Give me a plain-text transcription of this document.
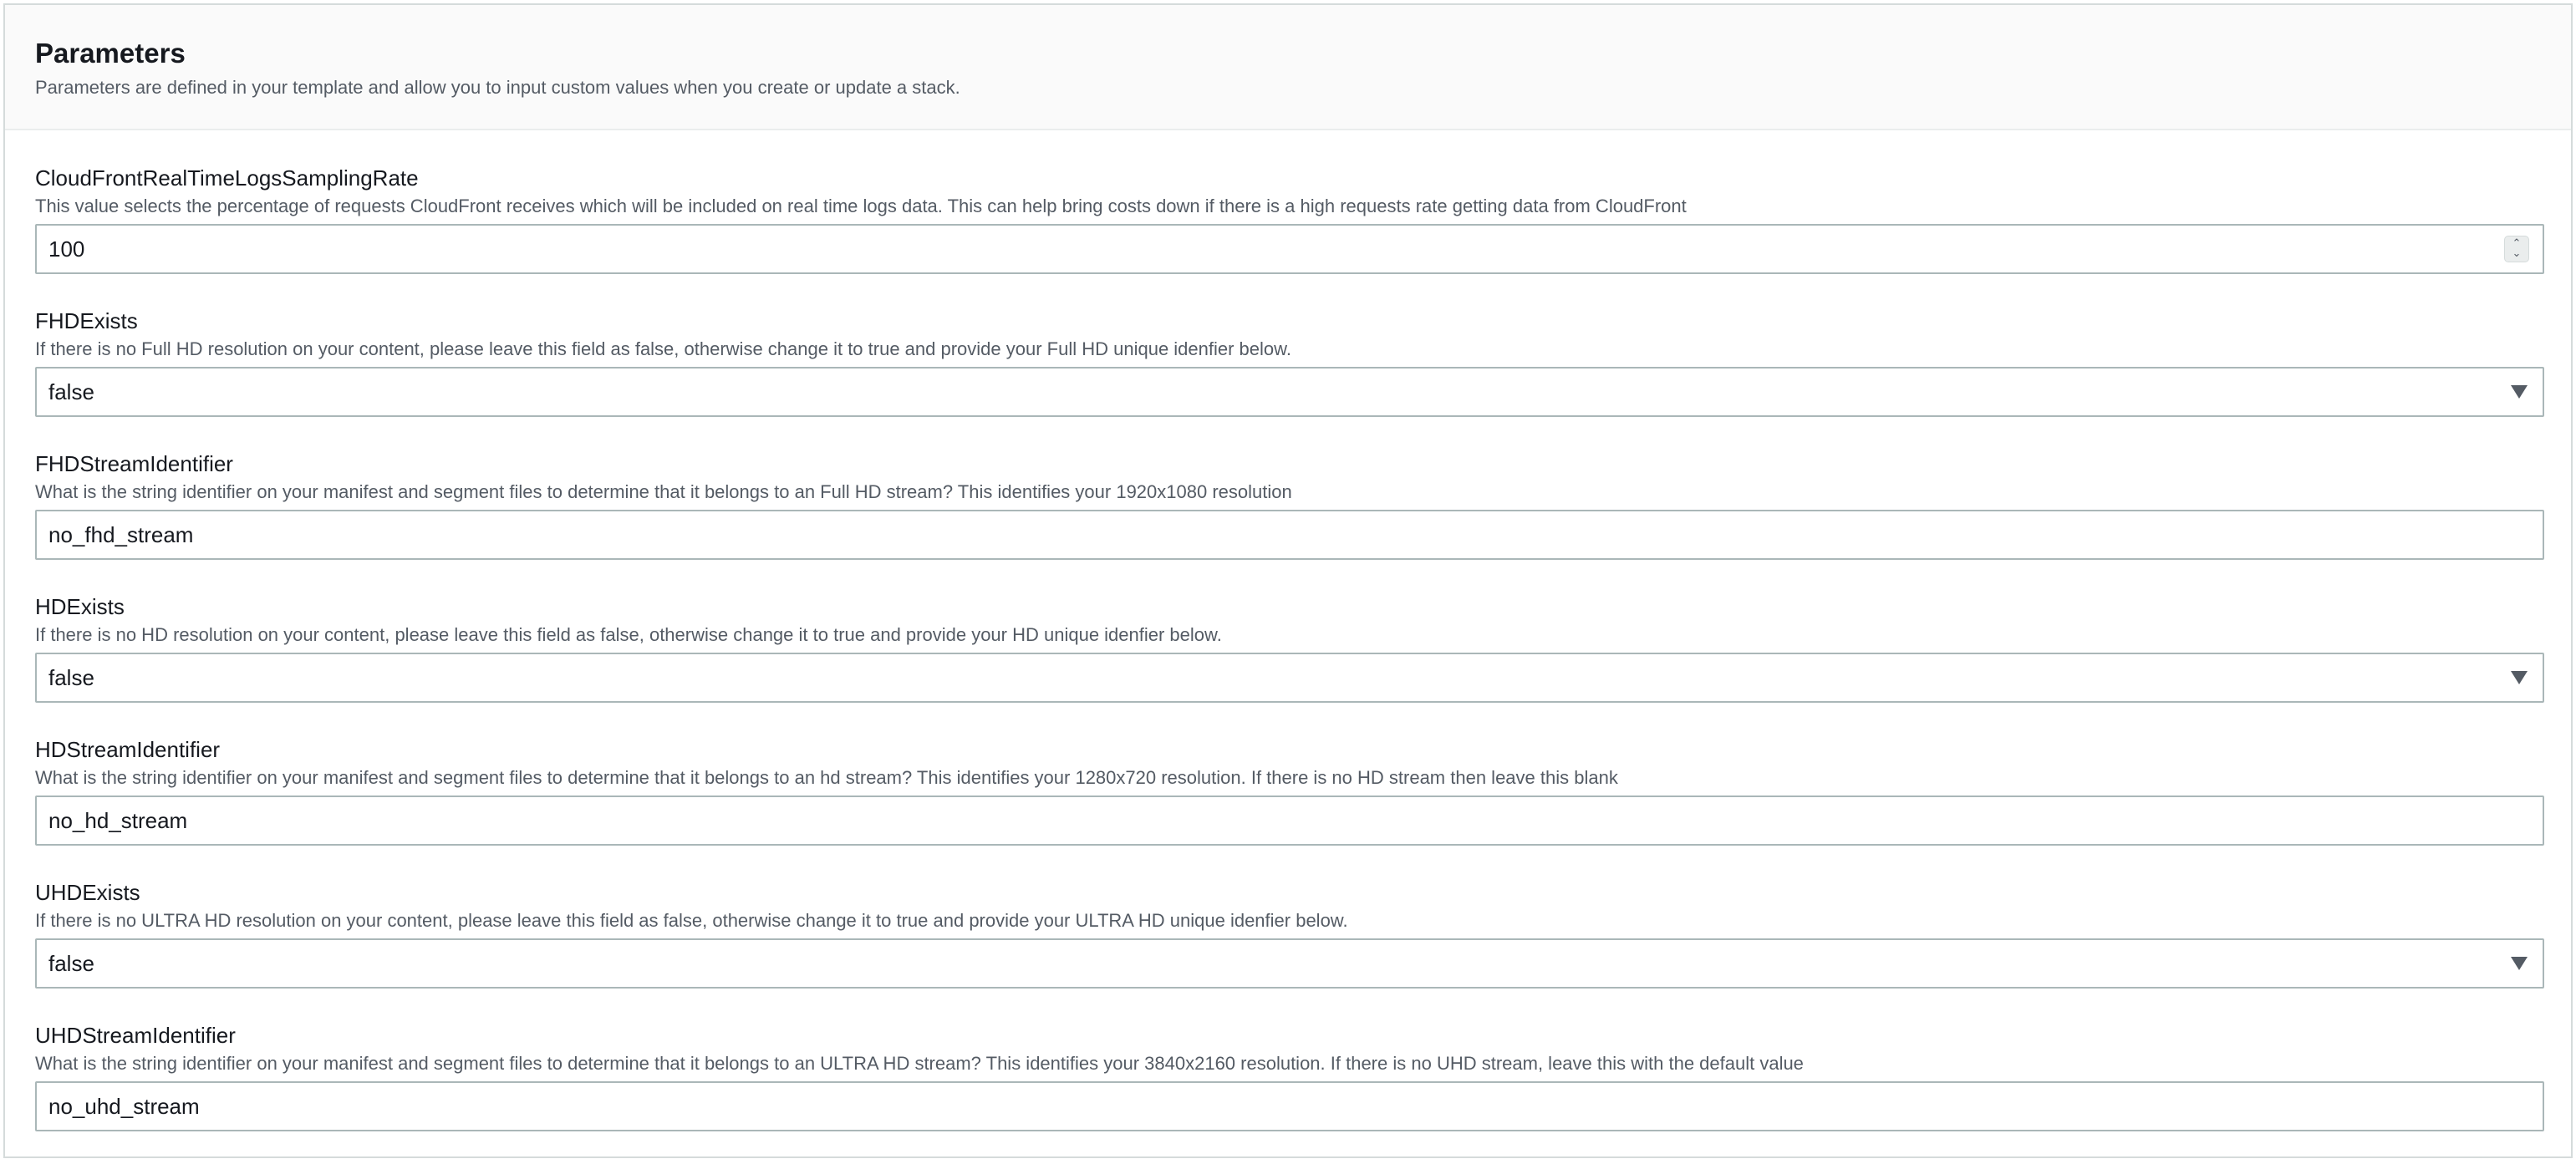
Parameters
Parameters are defined in your template and allow you to input custom values when you create or update a stack.
CloudFrontRealTimeLogsSamplingRate
This value selects the percentage of requests CloudFront receives which will be included on real time logs data. This can help bring costs down if there is a high requests rate getting data from CloudFront
100	⌃
⌄
FHDExists
If there is no Full HD resolution on your content, please leave this field as false, otherwise change it to true and provide your Full HD unique idenfier below.
false
FHDStreamIdentifier
What is the string identifier on your manifest and segment files to determine that it belongs to an Full HD stream? This identifies your 1920x1080 resolution
no_fhd_stream
HDExists
If there is no HD resolution on your content, please leave this field as false, otherwise change it to true and provide your HD unique idenfier below.
false
HDStreamIdentifier
What is the string identifier on your manifest and segment files to determine that it belongs to an hd stream? This identifies your 1280x720 resolution. If there is no HD stream then leave this blank
no_hd_stream
UHDExists
If there is no ULTRA HD resolution on your content, please leave this field as false, otherwise change it to true and provide your ULTRA HD unique idenfier below.
false
UHDStreamIdentifier
What is the string identifier on your manifest and segment files to determine that it belongs to an ULTRA HD stream? This identifies your 3840x2160 resolution. If there is no UHD stream, leave this with the default value
no_uhd_stream
